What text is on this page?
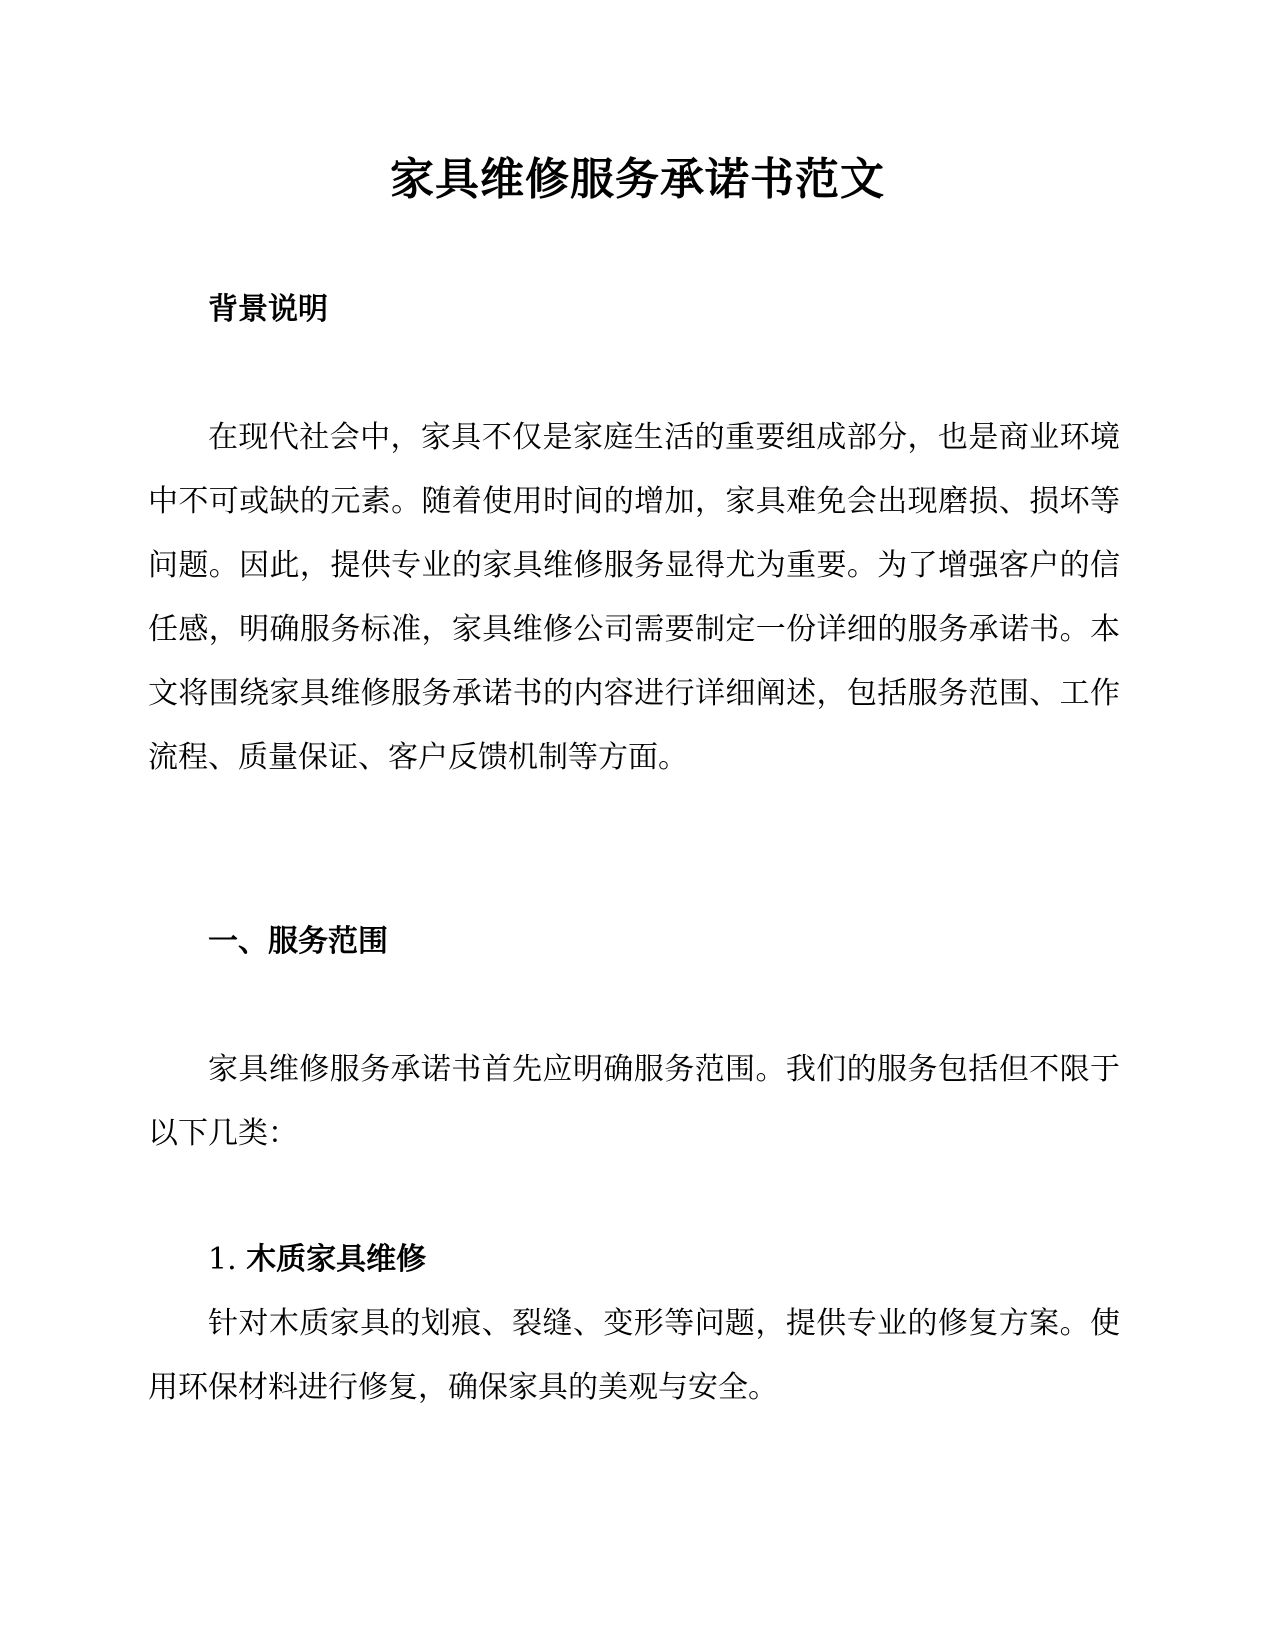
家具维修服务承诺书范文
背景说明
在现代社会中，家具不仅是家庭生活的重要组成部分，也是商业环境中不可或缺的元素。随着使用时间的增加，家具难免会出现磨损、损坏等问题。因此，提供专业的家具维修服务显得尤为重要。为了增强客户的信任感，明确服务标准，家具维修公司需要制定一份详细的服务承诺书。本文将围绕家具维修服务承诺书的内容进行详细阐述，包括服务范围、工作流程、质量保证、客户反馈机制等方面。
一、服务范围
家具维修服务承诺书首先应明确服务范围。我们的服务包括但不限于以下几类：
1. 木质家具维修
针对木质家具的划痕、裂缝、变形等问题，提供专业的修复方案。使用环保材料进行修复，确保家具的美观与安全。
